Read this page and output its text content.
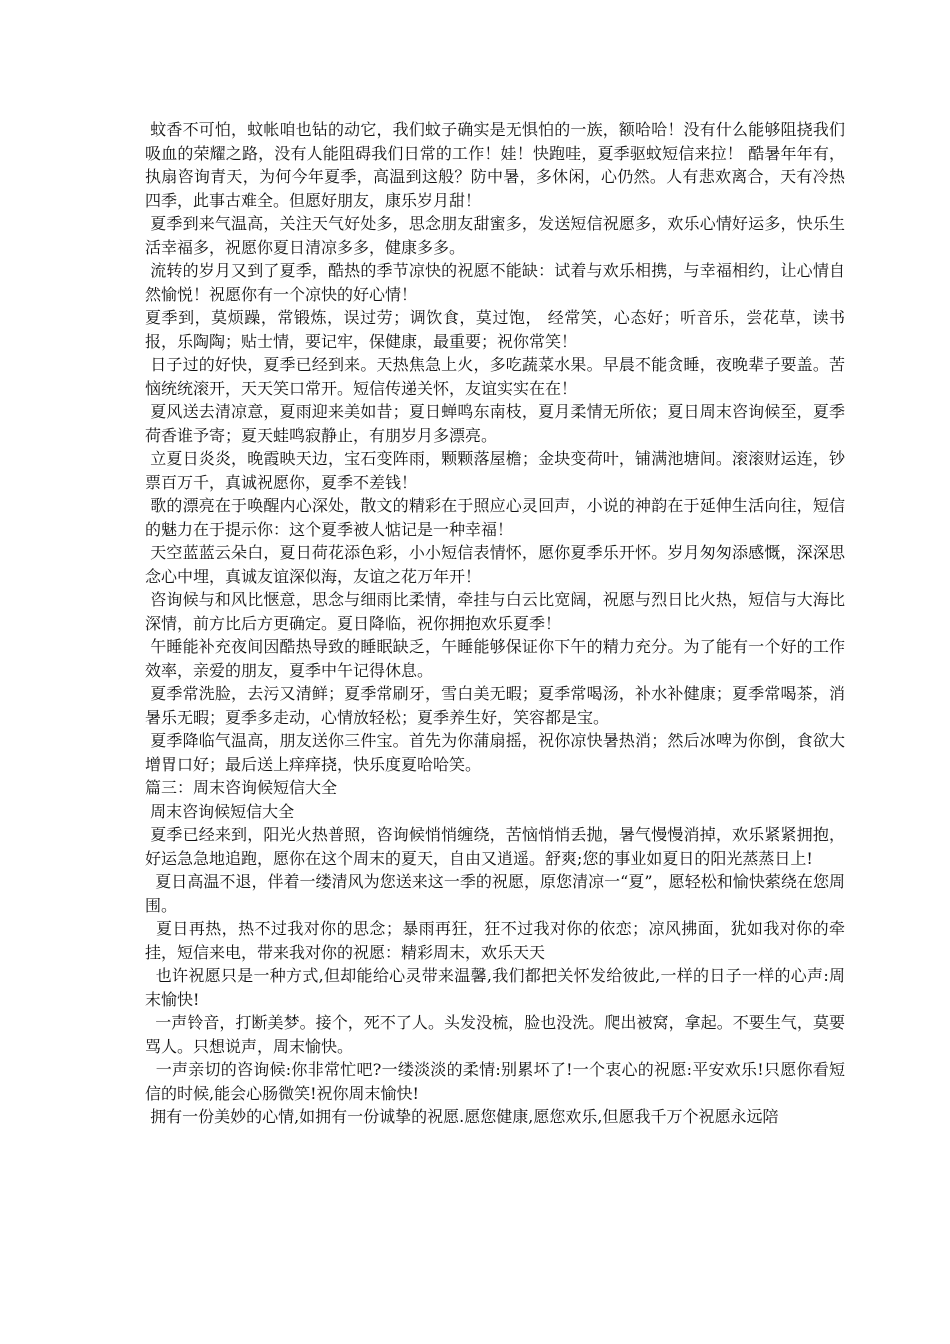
蚊香不可怕，蚊帐咱也钻的动它，我们蚊子确实是无惧怕的一族，额哈哈！没有什么能够阻挠我们吸血的荣耀之路，没有人能阻碍我们日常的工作！娃！快跑哇，夏季驱蚊短信来拉！ 酷暑年年有，执扇咨询青天，为何今年夏季，高温到这般？防中暑，多休闲，心仍然。人有悲欢离合，天有冷热四季，此事古难全。但愿好朋友，康乐岁月甜！

夏季到来气温高，关注天气好处多，思念朋友甜蜜多，发送短信祝愿多，欢乐心情好运多，快乐生活幸福多，祝愿你夏日清凉多多，健康多多。

流转的岁月又到了夏季，酷热的季节凉快的祝愿不能缺：试着与欢乐相携，与幸福相约，让心情自然愉悦！祝愿你有一个凉快的好心情！

夏季到，莫烦躁，常锻炼，误过劳；调饮食，莫过饱， 经常笑，心态好；听音乐，尝花草，读书报，乐陶陶；贴士情，要记牢，保健康，最重要；祝你常笑！

日子过的好快，夏季已经到来。天热焦急上火，多吃蔬菜水果。早晨不能贪睡，夜晚辈子要盖。苦恼统统滚开，天天笑口常开。短信传递关怀，友谊实实在在！

夏风送去清凉意，夏雨迎来美如昔；夏日蝉鸣东南枝，夏月柔情无所依；夏日周末咨询候至，夏季荷香谁予寄；夏天蛙鸣寂静止，有朋岁月多漂亮。

立夏日炎炎，晚霞映天边，宝石变阵雨，颗颗落屋檐；金块变荷叶，铺满池塘间。滚滚财运连，钞票百万千，真诚祝愿你，夏季不差钱！

歌的漂亮在于唤醒内心深处，散文的精彩在于照应心灵回声，小说的神韵在于延伸生活向往，短信的魅力在于提示你：这个夏季被人惦记是一种幸福！

天空蓝蓝云朵白，夏日荷花添色彩，小小短信表情怀，愿你夏季乐开怀。岁月匆匆添感慨，深深思念心中埋，真诚友谊深似海，友谊之花万年开！

咨询候与和风比惬意，思念与细雨比柔情，牵挂与白云比宽阔，祝愿与烈日比火热，短信与大海比深情，前方比后方更确定。夏日降临，祝你拥抱欢乐夏季！

午睡能补充夜间因酷热导致的睡眠缺乏，午睡能够保证你下午的精力充分。为了能有一个好的工作效率，亲爱的朋友，夏季中午记得休息。

夏季常洗脸，去污又清鲜；夏季常刷牙，雪白美无暇；夏季常喝汤，补水补健康；夏季常喝茶，消暑乐无暇；夏季多走动，心情放轻松；夏季养生好，笑容都是宝。

夏季降临气温高，朋友送你三件宝。首先为你蒲扇摇，祝你凉快暑热消；然后冰啤为你倒，食欲大增胃口好；最后送上痒痒挠，快乐度夏哈哈笑。

篇三：周末咨询候短信大全

周末咨询候短信大全

夏季已经来到，阳光火热普照，咨询候悄悄缠绕，苦恼悄悄丢抛，暑气慢慢消掉，欢乐紧紧拥抱，好运急急地追跑，愿你在这个周末的夏天，自由又逍遥。舒爽;您的事业如夏日的阳光蒸蒸日上!

夏日高温不退，伴着一缕清风为您送来这一季的祝愿，原您清凉一“夏”，愿轻松和愉快萦绕在您周围。

夏日再热，热不过我对你的思念；暴雨再狂，狂不过我对你的依恋；凉风拂面，犹如我对你的牵挂，短信来电，带来我对你的祝愿：精彩周末，欢乐天天

也许祝愿只是一种方式,但却能给心灵带来温馨,我们都把关怀发给彼此,一样的日子一样的心声:周末愉快!

一声铃音，打断美梦。接个，死不了人。头发没梳，脸也没洗。爬出被窝，拿起。不要生气，莫要骂人。只想说声，周末愉快。

一声亲切的咨询候:你非常忙吧?一缕淡淡的柔情:别累坏了!一个衷心的祝愿:平安欢乐!只愿你看短信的时候,能会心肠微笑!祝你周末愉快!

拥有一份美妙的心情,如拥有一份诚挚的祝愿.愿您健康,愿您欢乐,但愿我千万个祝愿永远陪
